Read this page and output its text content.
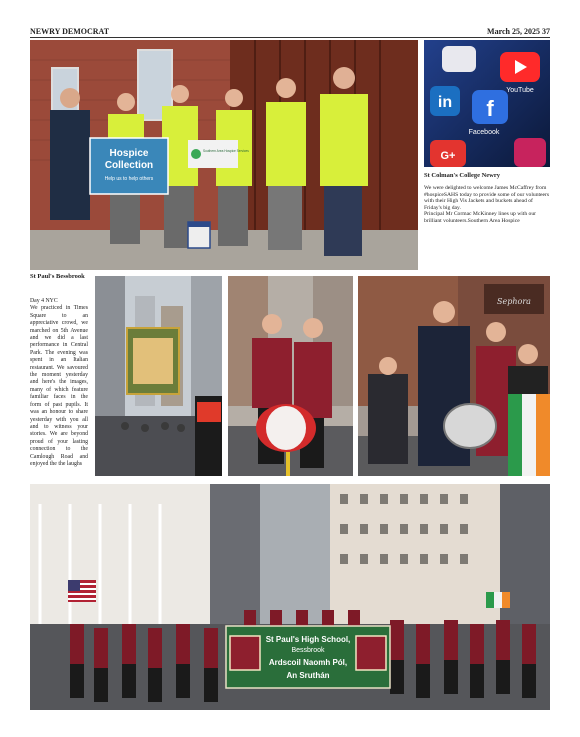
NEWRY DEMOCRAT	March 25, 2025 37
Hospice
Collection
Help us to help others
Southern Area Hospice Services
YouTube
in f
Facebook
G+
St Colman's College Newry
We were delighted to welcome James McCaffrey from #hospiceSAHS today to provide some of our volunteers with their High Vis Jackets and buckets ahead of Friday's big day.
Principal Mr Cormac McKinney lines up with our brilliant volunteers.Southern Area Hospice
St Paul's Bessbrook
Day 4 NYC
We practiced in Times Square to an appreciative crowd, we marched on 5th Avenue and we did a last performance in Central Park. The evening was spent in an Italian restaurant. We savoured the moment yesterday and here's the images, many of which feature familiar faces in the form of past pupils. It was an honour to share yesterday with you all and to witness your stories. We are beyond proud of your lasting connection to the Camlough Road and enjoyed the the laughs
Sephora
St Paul's High School,
Bessbrook
Ardscoil Naomh Pól,
An Sruthán
